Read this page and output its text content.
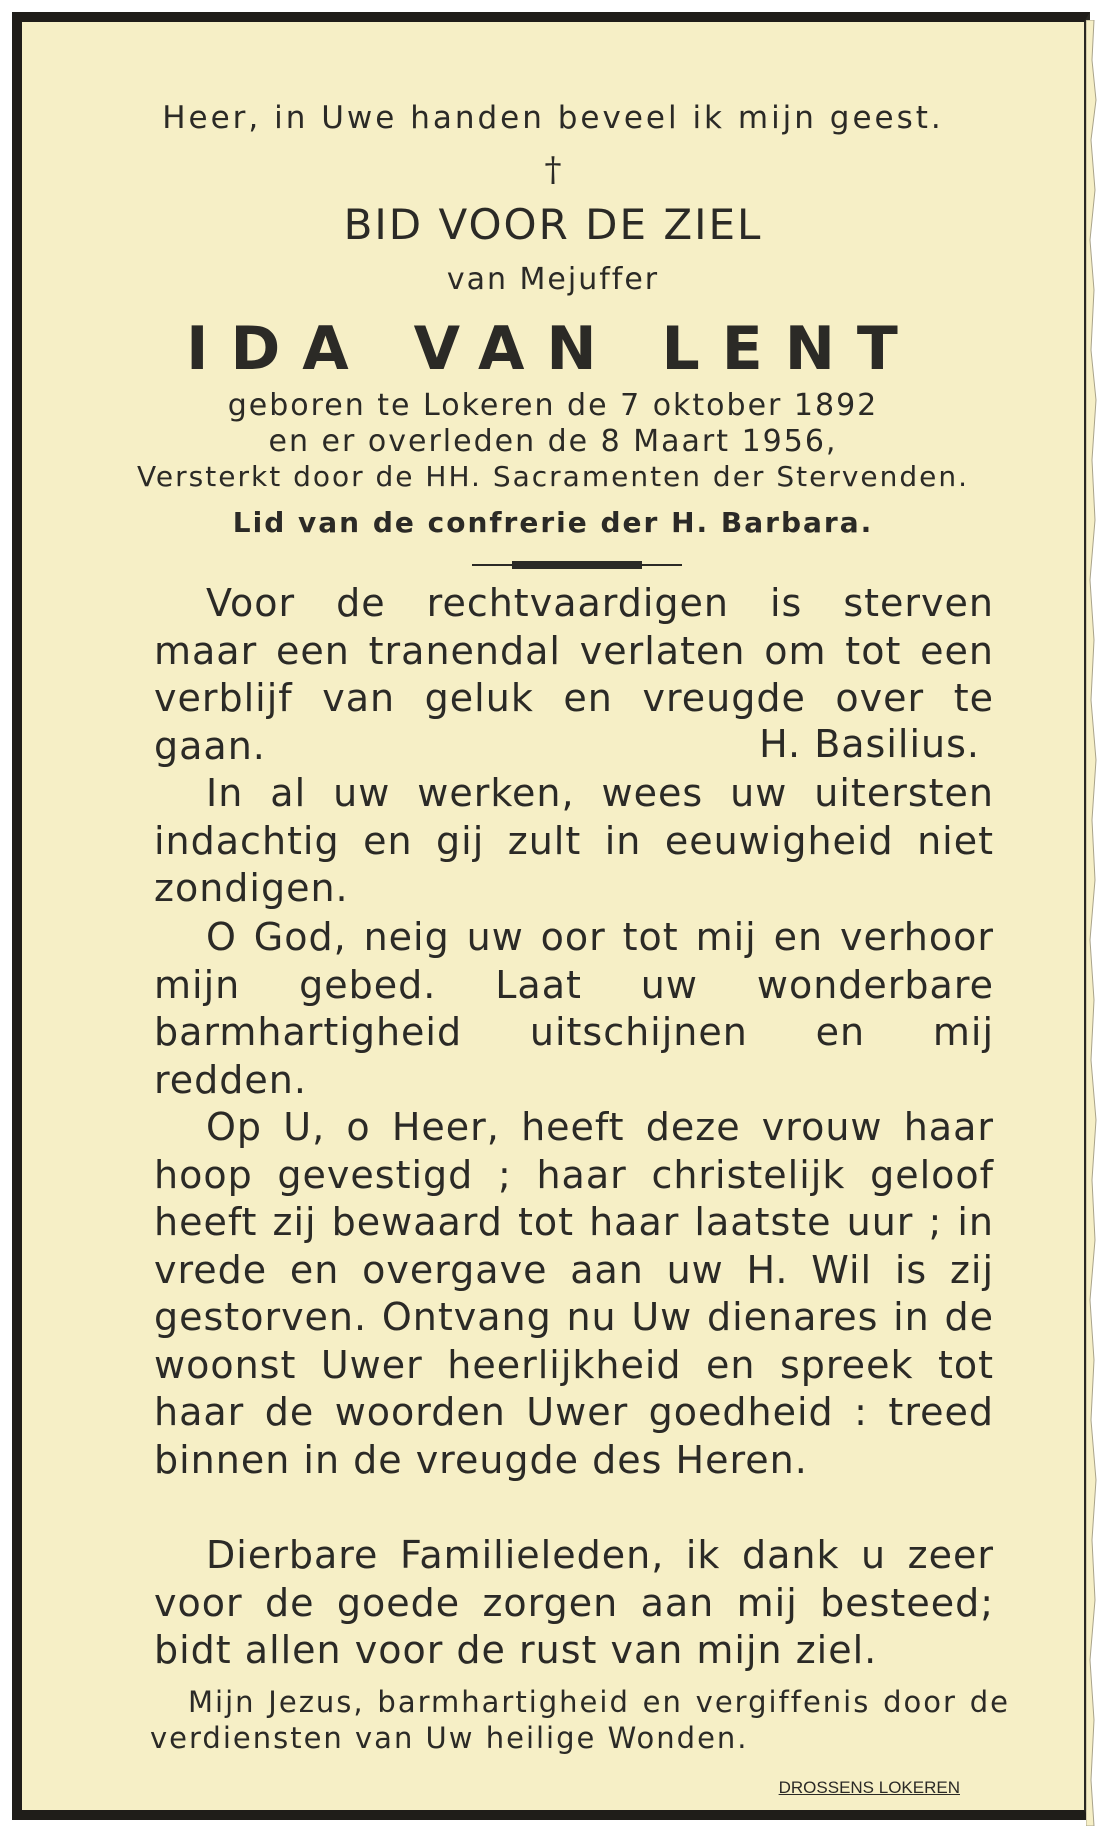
Heer, in Uwe handen beveel ik mijn geest.
†
BID VOOR DE ZIEL
van Mejuffer
IDA VAN LENT
geboren te Lokeren de 7 oktober 1892
en er overleden de 8 Maart 1956,
Versterkt door de HH. Sacramenten der Stervenden.
Lid van de confrerie der H. Barbara.
Voor de rechtvaardigen is sterven maar een tranendal verlaten om tot een verblijf van geluk en vreugde over te gaan.	H. Basilius.
In al uw werken, wees uw uitersten indachtig en gij zult in eeuwigheid niet zondigen.
O God, neig uw oor tot mij en verhoor mijn gebed. Laat uw wonderbare barmhartigheid uitschijnen en mij redden.
Op U, o Heer, heeft deze vrouw haar hoop gevestigd ; haar christelijk geloof heeft zij bewaard tot haar laatste uur ; in vrede en overgave aan uw H. Wil is zij gestorven. Ontvang nu Uw dienares in de woonst Uwer heerlijkheid en spreek tot haar de woorden Uwer goedheid : treed binnen in de vreugde des Heren.
Dierbare Familieleden, ik dank u zeer voor de goede zorgen aan mij besteed; bidt allen voor de rust van mijn ziel.
Mijn Jezus, barmhartigheid en vergiffenis door de verdiensten van Uw heilige Wonden.
DROSSENS LOKEREN
